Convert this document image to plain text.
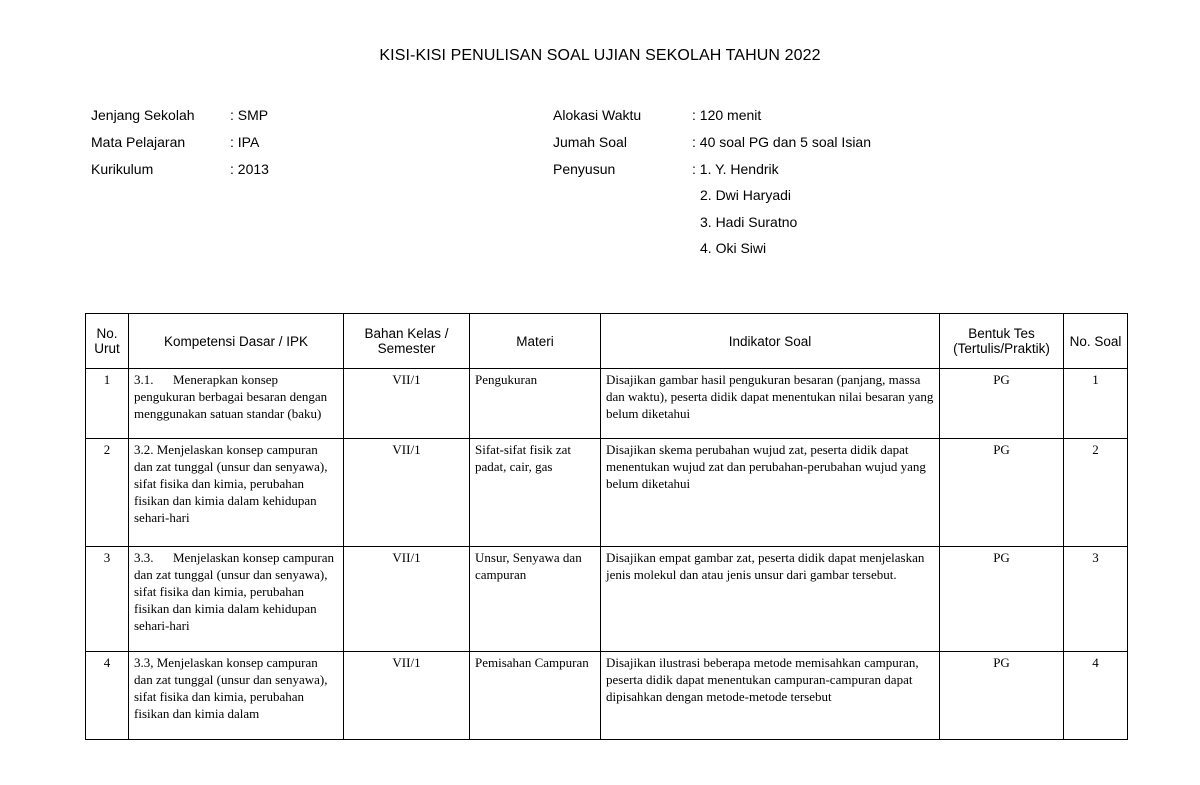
KISI-KISI PENULISAN SOAL UJIAN SEKOLAH TAHUN 2022
Jenjang Sekolah	: SMP
Mata Pelajaran	: IPA
Kurikulum	: 2013
Alokasi Waktu	: 120 menit
Jumah Soal	: 40 soal PG dan 5 soal Isian
Penyusun	: 1. Y. Hendrik
2. Dwi Haryadi
3. Hadi Suratno
4. Oki Siwi
No. Urut	Kompetensi Dasar / IPK	Bahan Kelas / Semester	Materi	Indikator Soal	Bentuk Tes (Tertulis/Praktik)	No. Soal
1	3.1.      Menerapkan konsep pengukuran berbagai besaran dengan menggunakan satuan standar (baku)	VII/1	Pengukuran	Disajikan gambar hasil pengukuran besaran (panjang, massa dan waktu), peserta didik dapat menentukan nilai besaran yang belum diketahui	PG	1
2	3.2. Menjelaskan konsep campuran dan zat tunggal (unsur dan senyawa), sifat fisika dan kimia, perubahan fisikan dan kimia dalam kehidupan sehari-hari	VII/1	Sifat-sifat fisik zat padat, cair, gas	Disajikan skema perubahan wujud zat, peserta didik dapat menentukan wujud zat dan perubahan-perubahan wujud yang belum diketahui	PG	2
3	3.3.      Menjelaskan konsep campuran dan zat tunggal (unsur dan senyawa), sifat fisika dan kimia, perubahan fisikan dan kimia dalam kehidupan sehari-hari	VII/1	Unsur, Senyawa dan campuran	Disajikan empat gambar zat, peserta didik dapat menjelaskan jenis molekul dan atau jenis unsur dari gambar tersebut.	PG	3
4	3.3, Menjelaskan konsep campuran dan zat tunggal (unsur dan senyawa), sifat fisika dan kimia, perubahan fisikan dan kimia dalam	VII/1	Pemisahan Campuran	Disajikan ilustrasi beberapa metode memisahkan campuran, peserta didik dapat menentukan campuran-campuran dapat dipisahkan dengan metode-metode tersebut	PG	4
